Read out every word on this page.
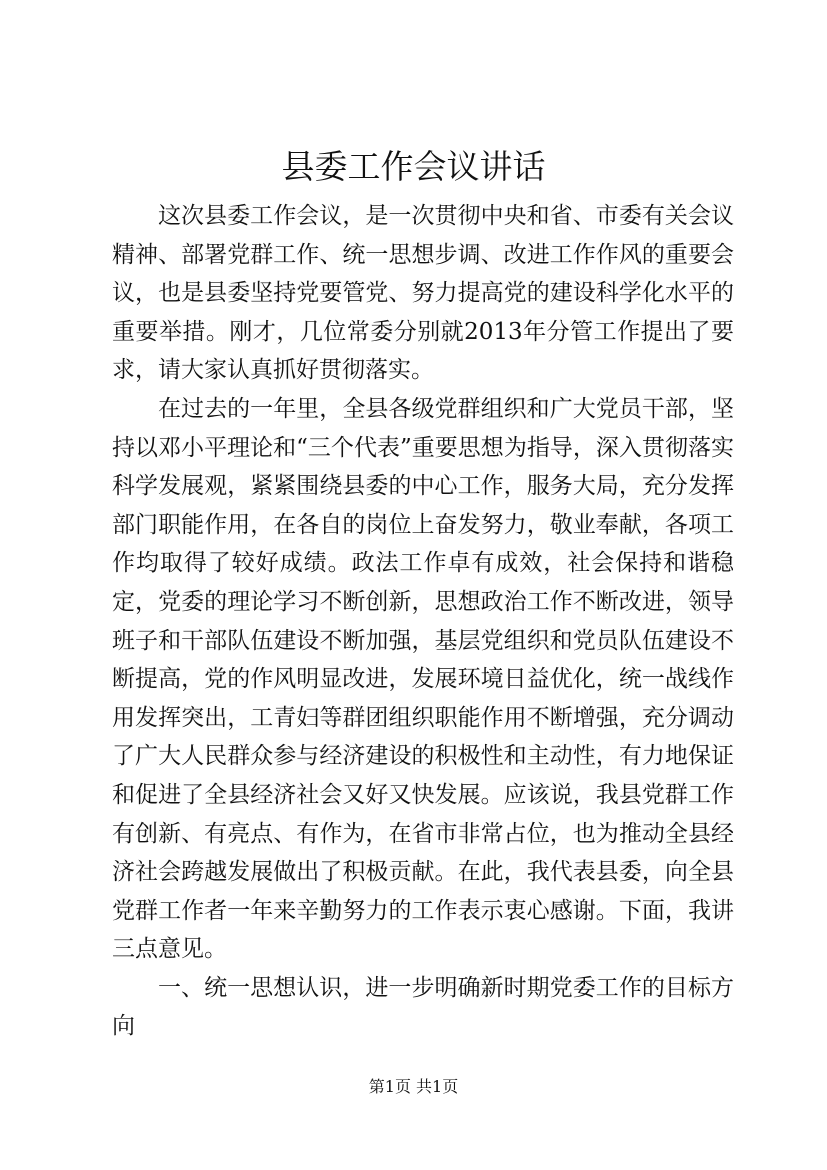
县委工作会议讲话

这次县委工作会议，是一次贯彻中央和省、市委有关会议精神、部署党群工作、统一思想步调、改进工作作风的重要会议，也是县委坚持党要管党、努力提高党的建设科学化水平的重要举措。刚才，几位常委分别就2013年分管工作提出了要求，请大家认真抓好贯彻落实。

在过去的一年里，全县各级党群组织和广大党员干部，坚持以邓小平理论和“三个代表”重要思想为指导，深入贯彻落实科学发展观，紧紧围绕县委的中心工作，服务大局，充分发挥部门职能作用，在各自的岗位上奋发努力，敬业奉献，各项工作均取得了较好成绩。政法工作卓有成效，社会保持和谐稳定，党委的理论学习不断创新，思想政治工作不断改进，领导班子和干部队伍建设不断加强，基层党组织和党员队伍建设不断提高，党的作风明显改进，发展环境日益优化，统一战线作用发挥突出，工青妇等群团组织职能作用不断增强，充分调动了广大人民群众参与经济建设的积极性和主动性，有力地保证和促进了全县经济社会又好又快发展。应该说，我县党群工作有创新、有亮点、有作为，在省市非常占位，也为推动全县经济社会跨越发展做出了积极贡献。在此，我代表县委，向全县党群工作者一年来辛勤努力的工作表示衷心感谢。下面，我讲三点意见。

一、统一思想认识，进一步明确新时期党委工作的目标方向

第1页 共1页
